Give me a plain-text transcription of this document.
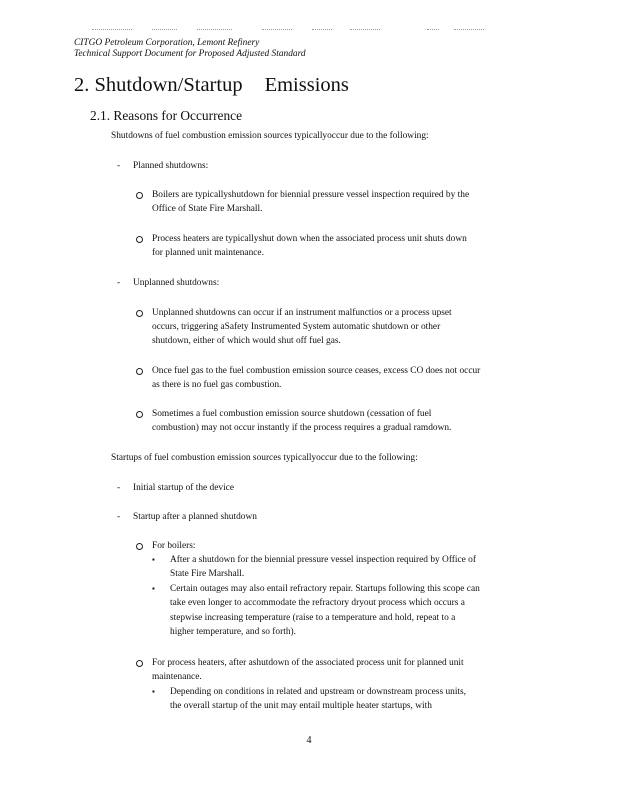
CITGO Petroleum Corporation, Lemont Refinery
Technical Support Document for Proposed Adjusted Standard
2. Shutdown/Startup Emissions
2.1. Reasons for Occurrence
Shutdowns of fuel combustion emission sources typicallyoccur due to the following:
- Planned shutdowns:
Boilers are typicallyshutdown for biennial pressure vessel inspection required by the
Office of State Fire Marshall.
Process heaters are typicallyshut down when the associated process unit shuts down
for planned unit maintenance.
- Unplanned shutdowns:
Unplanned shutdowns can occur if an instrument malfunctios or a process upset
occurs, triggering aSafety Instrumented System automatic shutdown or other
shutdown, either of which would shut off fuel gas.
Once fuel gas to the fuel combustion emission source ceases, excess CO does not occur
as there is no fuel gas combustion.
Sometimes a fuel combustion emission source shutdown (cessation of fuel
combustion) may not occur instantly if the process requires a gradual ramdown.
Startups of fuel combustion emission sources typicallyoccur due to the following:
- Initial startup of the device
- Startup after a planned shutdown
For boilers:
▪ After a shutdown for the biennial pressure vessel inspection required by Office of
State Fire Marshall.
▪ Certain outages may also entail refractory repair. Startups following this scope can
take even longer to accommodate the refractory dryout process which occurs a
stepwise increasing temperature (raise to a temperature and hold, repeat to a
higher temperature, and so forth).
For process heaters, after ashutdown of the associated process unit for planned unit
maintenance.
▪ Depending on conditions in related and upstream or downstream process units,
the overall startup of the unit may entail multiple heater startups, with
4
